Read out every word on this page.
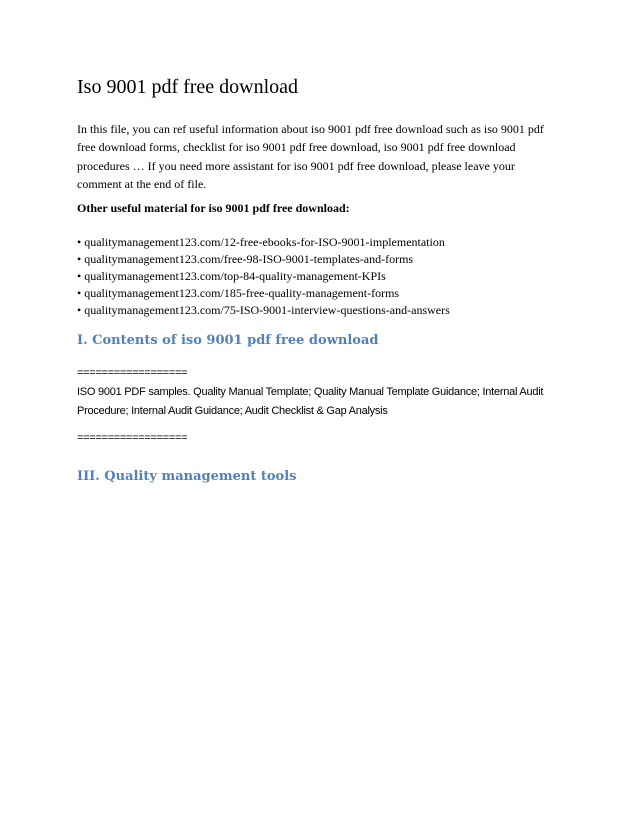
Iso 9001 pdf free download

In this file, you can ref useful information about iso 9001 pdf free download such as iso 9001 pdf
free download forms, checklist for iso 9001 pdf free download, iso 9001 pdf free download
procedures … If you need more assistant for iso 9001 pdf free download, please leave your
comment at the end of file.

Other useful material for iso 9001 pdf free download:

• qualitymanagement123.com/12-free-ebooks-for-ISO-9001-implementation
• qualitymanagement123.com/free-98-ISO-9001-templates-and-forms
• qualitymanagement123.com/top-84-quality-management-KPIs
• qualitymanagement123.com/185-free-quality-management-forms
• qualitymanagement123.com/75-ISO-9001-interview-questions-and-answers
I. Contents of iso 9001 pdf free download
==================

ISO 9001 PDF samples. Quality Manual Template; Quality Manual Template Guidance; Internal Audit
Procedure; Internal Audit Guidance; Audit Checklist & Gap Analysis

==================
III. Quality management tools
